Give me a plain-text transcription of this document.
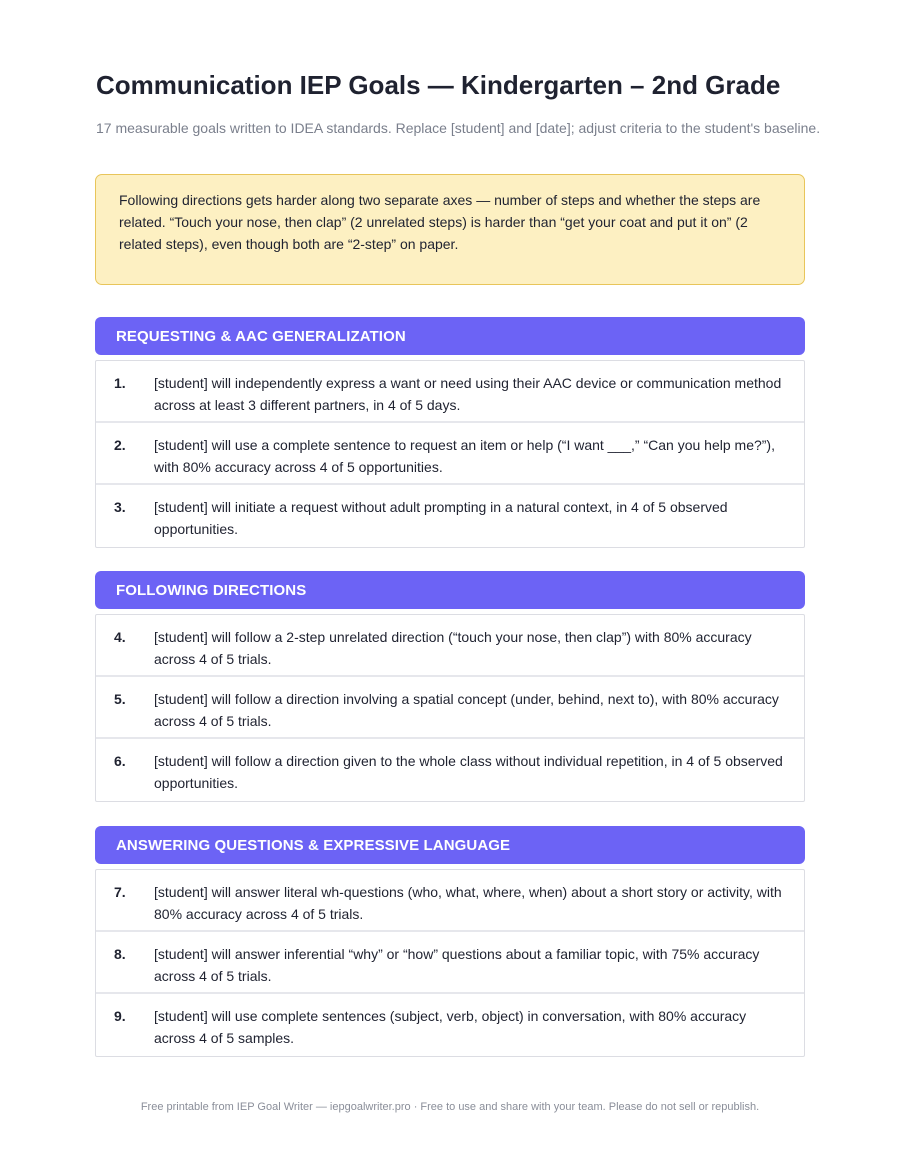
Communication IEP Goals — Kindergarten – 2nd Grade

17 measurable goals written to IDEA standards. Replace [student] and [date]; adjust criteria to the student's baseline.

Following directions gets harder along two separate axes — number of steps and whether the steps are related. “Touch your nose, then clap” (2 unrelated steps) is harder than “get your coat and put it on” (2 related steps), even though both are “2-step” on paper.
REQUESTING & AAC GENERALIZATION
1.	[student] will independently express a want or need using their AAC device or communication method across at least 3 different partners, in 4 of 5 days.
2.	[student] will use a complete sentence to request an item or help (“I want ___,” “Can you help me?”), with 80% accuracy across 4 of 5 opportunities.
3.	[student] will initiate a request without adult prompting in a natural context, in 4 of 5 observed opportunities.
FOLLOWING DIRECTIONS
4.	[student] will follow a 2-step unrelated direction (“touch your nose, then clap”) with 80% accuracy across 4 of 5 trials.
5.	[student] will follow a direction involving a spatial concept (under, behind, next to), with 80% accuracy across 4 of 5 trials.
6.	[student] will follow a direction given to the whole class without individual repetition, in 4 of 5 observed opportunities.
ANSWERING QUESTIONS & EXPRESSIVE LANGUAGE
7.	[student] will answer literal wh-questions (who, what, where, when) about a short story or activity, with 80% accuracy across 4 of 5 trials.
8.	[student] will answer inferential “why” or “how” questions about a familiar topic, with 75% accuracy across 4 of 5 trials.
9.	[student] will use complete sentences (subject, verb, object) in conversation, with 80% accuracy across 4 of 5 samples.
Free printable from IEP Goal Writer — iepgoalwriter.pro · Free to use and share with your team. Please do not sell or republish.
